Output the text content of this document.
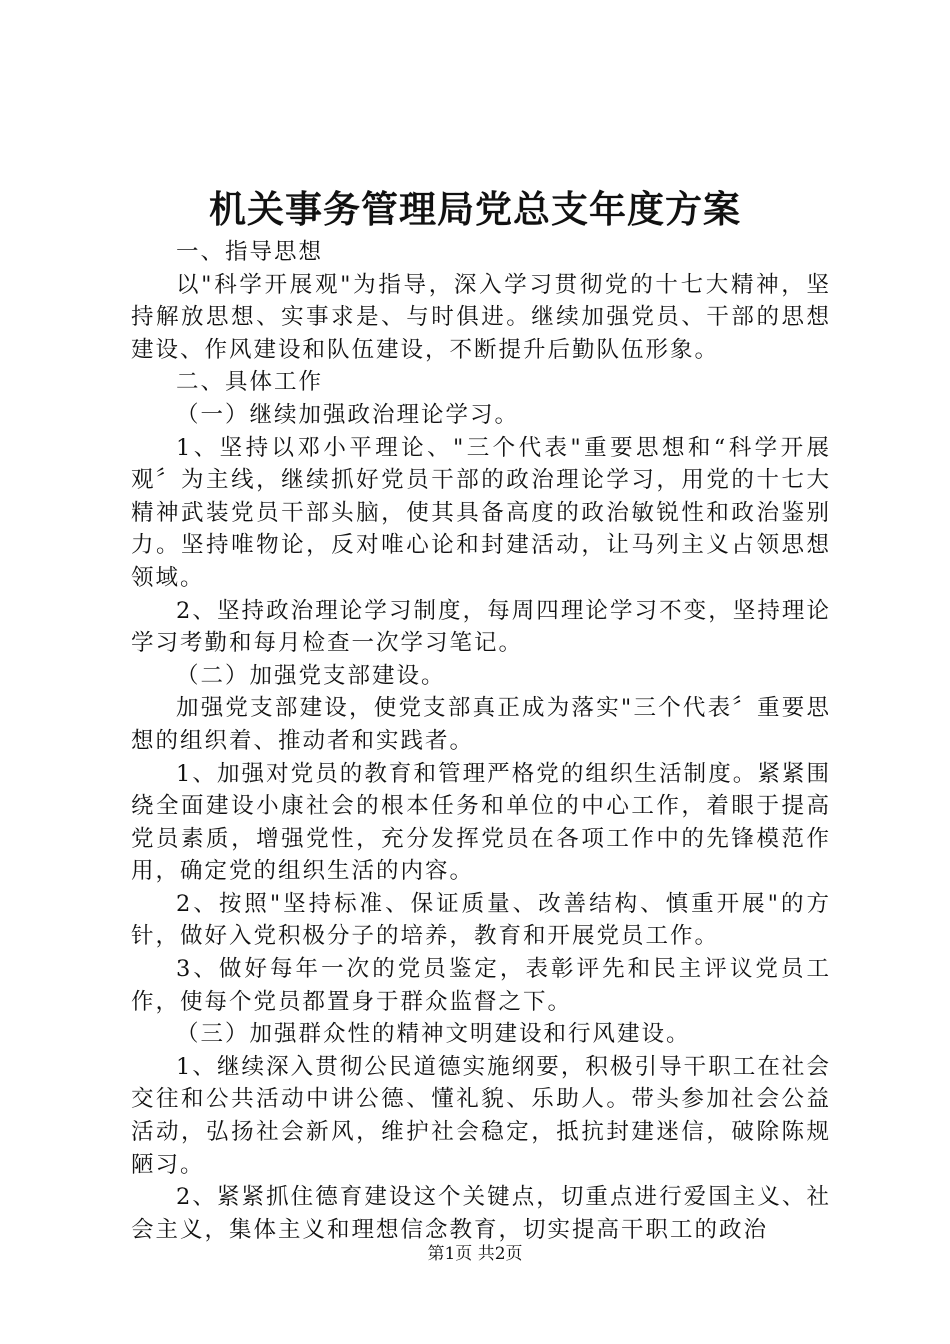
机关事务管理局党总支年度方案

一、指导思想

以"科学开展观"为指导，深入学习贯彻党的十七大精神，坚持解放思想、实事求是、与时俱进。继续加强党员、干部的思想建设、作风建设和队伍建设，不断提升后勤队伍形象。

二、具体工作

（一）继续加强政治理论学习。

1、坚持以邓小平理论、"三个代表"重要思想和“科学开展观〞为主线，继续抓好党员干部的政治理论学习，用党的十七大精神武装党员干部头脑，使其具备高度的政治敏锐性和政治鉴别力。坚持唯物论，反对唯心论和封建活动，让马列主义占领思想领域。

2、坚持政治理论学习制度，每周四理论学习不变，坚持理论学习考勤和每月检查一次学习笔记。

（二）加强党支部建设。

加强党支部建设，使党支部真正成为落实"三个代表〞重要思想的组织着、推动者和实践者。

1、加强对党员的教育和管理严格党的组织生活制度。紧紧围绕全面建设小康社会的根本任务和单位的中心工作，着眼于提高党员素质，增强党性，充分发挥党员在各项工作中的先锋模范作用，确定党的组织生活的内容。

2、按照"坚持标准、保证质量、改善结构、慎重开展"的方针，做好入党积极分子的培养，教育和开展党员工作。

3、做好每年一次的党员鉴定，表彰评先和民主评议党员工作，使每个党员都置身于群众监督之下。

（三）加强群众性的精神文明建设和行风建设。

1、继续深入贯彻公民道德实施纲要，积极引导干职工在社会交往和公共活动中讲公德、懂礼貌、乐助人。带头参加社会公益活动，弘扬社会新风，维护社会稳定，抵抗封建迷信，破除陈规陋习。

2、紧紧抓住德育建设这个关键点，切重点进行爱国主义、社会主义，集体主义和理想信念教育，切实提高干职工的政治

第1页 共2页
